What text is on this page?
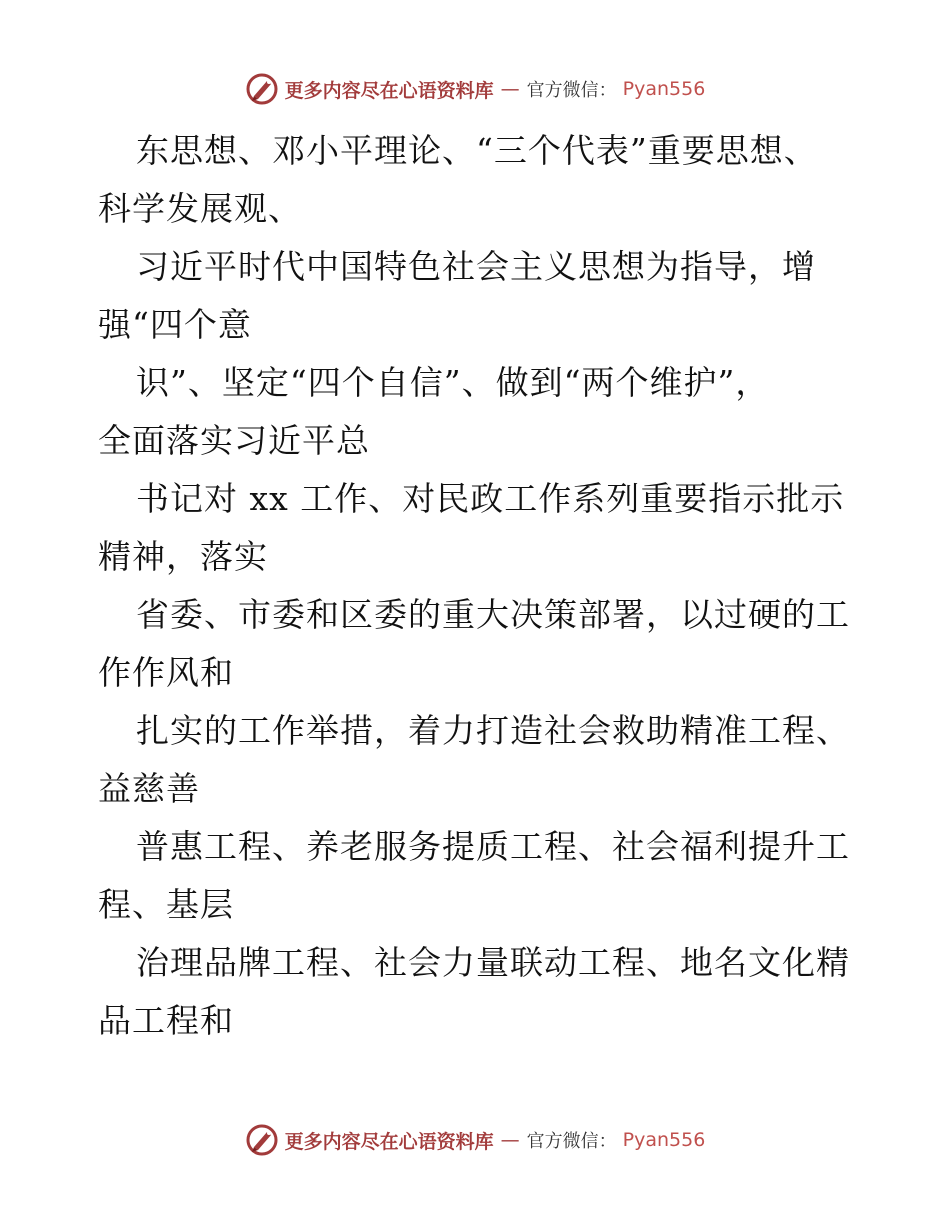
更多内容尽在心语资料库 — 官方微信： Pyan556
东思想、邓小平理论、“三个代表”重要思想、
科学发展观、
习近平时代中国特色社会主义思想为指导，增
强“四个意
识”、坚定“四个自信”、做到“两个维护”，
全面落实习近平总
书记对 xx 工作、对民政工作系列重要指示批示
精神，落实
省委、市委和区委的重大决策部署，以过硬的工
作作风和
扎实的工作举措，着力打造社会救助精准工程、
益慈善
普惠工程、养老服务提质工程、社会福利提升工
程、基层
治理品牌工程、社会力量联动工程、地名文化精
品工程和
更多内容尽在心语资料库 — 官方微信： Pyan556
